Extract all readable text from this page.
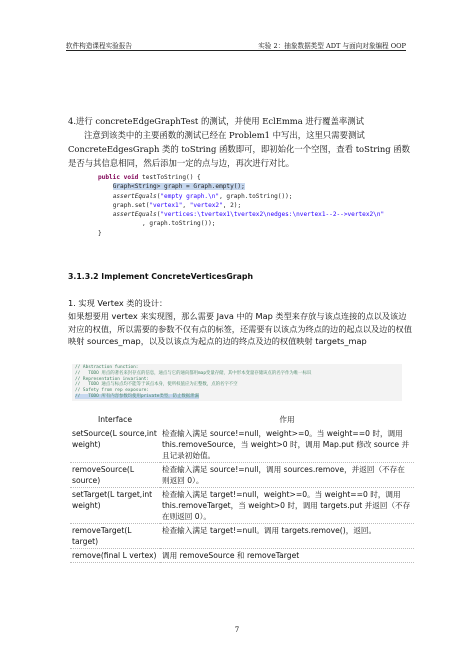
软件构造课程实验报告	实验 2：抽象数据类型 ADT 与面向对象编程 OOP
4.进行 concreteEdgeGraphTest 的测试，并使用 EclEmma 进行覆盖率测试
注意到该类中的主要函数的测试已经在 Problem1 中写出，这里只需要测试 ConcreteEdgesGraph 类的 toString 函数即可，即初始化一个空图，查看 toString 函数是否与其信息相同，然后添加一定的点与边，再次进行对比。
public void testToString() {
Graph<String> graph = Graph.empty();
assertEquals("empty graph.\n", graph.toString());
graph.set("vertex1", "vertex2", 2);
assertEquals("vertices:\tvertex1\tvertex2\nedges:\nvertex1--2-->vertex2\n"
, graph.toString());
}
3.1.3.2 Implement ConcreteVerticesGraph
1. 实现 Vertex 类的设计：
如果想要用 vertex 来实现图，那么需要 Java 中的 Map 类型来存放与该点连接的点以及该边对应的权值，所以需要的参数不仅有点的标签，还需要有以该点为终点的边的起点以及边的权值映射 sources_map，以及以该点为起点的边的终点及边的权值映射 targets_map
// Abstraction function:
//   TODO 用点的著名来封存点的信息，通点与它的通向都用map变量存储，其中形本变量存储该点的名字作为唯一标识
// Representation invariant:
//   TODO 通点与标点均不能等于该点本身，使所权值应为正整数，点的名字不空
// Safety from rep exposure:
//   TODO 所有内容参数均使用private类型，防止数据泄漏
Interface	作用
setSource(L source,int weight)	检查输入满足 source!=null，weight>=0。当 weight==0 时，调用 this.removeSource，当 weight>0 时，调用 Map.put 修改 source 并且记录初始值。
removeSource(L source)	检查输入满足 source!=null，调用 sources.remove，并返回（不存在则返回 0）。
setTarget(L target,int weight)	检查输入满足 target!=null，weight>=0。当 weight==0 时，调用 this.removeTarget，当 weight>0 时，调用 targets.put 并返回（不存在则返回 0）。
removeTarget(L target)	检查输入满足 target!=null。调用 targets.remove()，返回。
remove(final L vertex)	调用 removeSource 和 removeTarget
7
